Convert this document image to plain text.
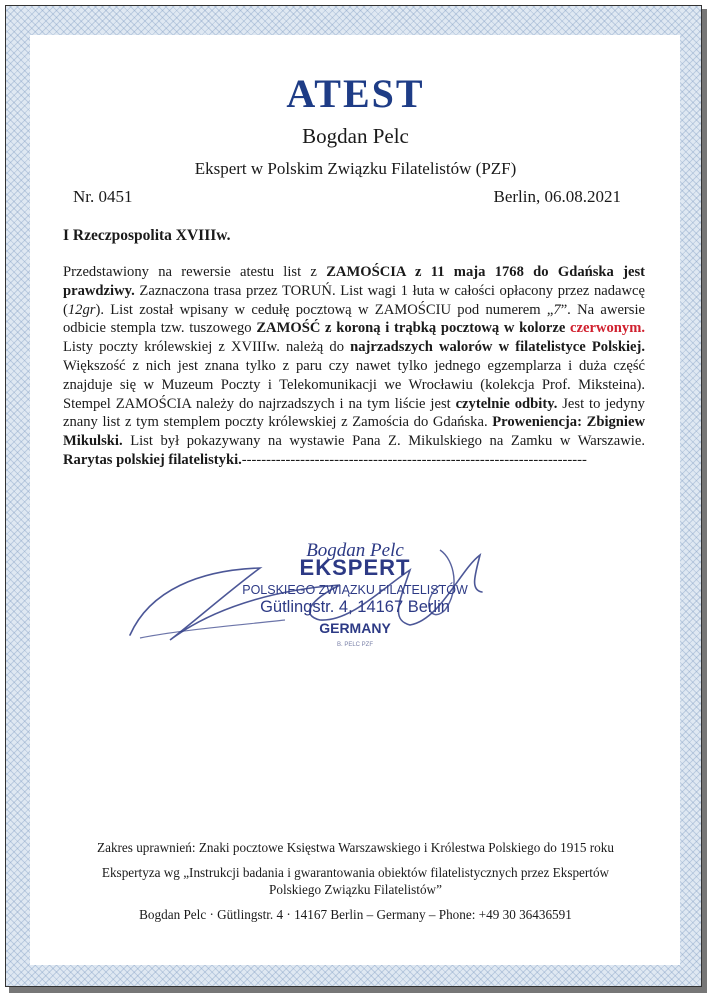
ATEST
Bogdan Pelc
Ekspert w Polskim Związku Filatelistów (PZF)
Nr. 0451	Berlin, 06.08.2021
I Rzeczpospolita XVIIIw.
Przedstawiony na rewersie atestu list z ZAMOŚCIA z 11 maja 1768 do Gdańska jest prawdziwy. Zaznaczona trasa przez TORUŃ. List wagi 1 łuta w całości opłacony przez nadawcę (12gr). List został wpisany w cedułę pocztową w ZAMOŚCIU pod numerem „7”. Na awersie odbicie stempla tzw. tuszowego ZAMOŚĆ z koroną i trąbką pocztową w kolorze czerwonym. Listy poczty królewskiej z XVIIIw. należą do najrzadszych walorów w filatelistyce Polskiej. Większość z nich jest znana tylko z paru czy nawet tylko jednego egzemplarza i duża część znajduje się w Muzeum Poczty i Telekomunikacji we Wrocławiu (kolekcja Prof. Miksteina). Stempel ZAMOŚCIA należy do najrzadszych i na tym liście jest czytelnie odbity. Jest to jedyny znany list z tym stemplem poczty królewskiej z Zamościa do Gdańska. Proweniencja: Zbigniew Mikulski. List był pokazywany na wystawie Pana Z. Mikulskiego na Zamku w Warszawie. Rarytas polskiej filatelistyki.-----------------------------------------------------------------------
Bogdan Pelc
EKSPERT
POLSKIEGO ZWIĄZKU FILATELISTÓW
Gütlingstr. 4, 14167 Berlin
GERMANY
B. PELC PZF
Zakres uprawnień: Znaki pocztowe Księstwa Warszawskiego i Królestwa Polskiego do 1915 roku
Ekspertyza wg „Instrukcji badania i gwarantowania obiektów filatelistycznych przez Ekspertów
Polskiego Związku Filatelistów”
Bogdan Pelc · Gütlingstr. 4 · 14167 Berlin – Germany – Phone: +49 30 36436591
